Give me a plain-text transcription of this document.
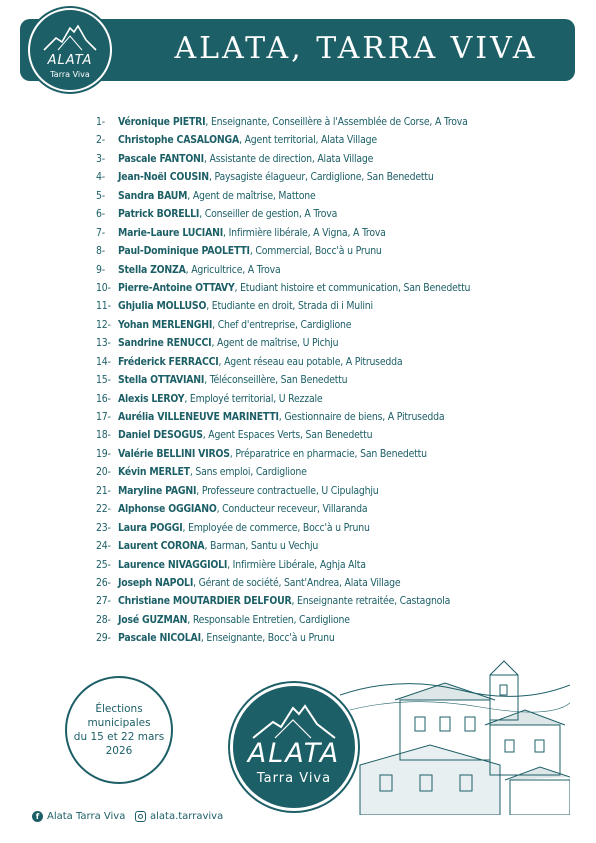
ALATA, TARRA VIVA
ALATA
Tarra Viva
1- Véronique PIETRI, Enseignante, Conseillère à l'Assemblée de Corse, A Trova
2- Christophe CASALONGA, Agent territorial, Alata Village
3- Pascale FANTONI, Assistante de direction, Alata Village
4- Jean-Noël COUSIN, Paysagiste élagueur, Cardiglione, San Benedettu
5- Sandra BAUM, Agent de maîtrise, Mattone
6- Patrick BORELLI, Conseiller de gestion, A Trova
7- Marie-Laure LUCIANI, Infirmière libérale, A Vigna, A Trova
8- Paul-Dominique PAOLETTI, Commercial, Bocc'à u Prunu
9- Stella ZONZA, Agricultrice, A Trova
10- Pierre-Antoine OTTAVY, Etudiant histoire et communication, San Benedettu
11- Ghjulia MOLLUSO, Etudiante en droit, Strada di i Mulini
12- Yohan MERLENGHI, Chef d'entreprise, Cardiglione
13- Sandrine RENUCCI, Agent de maîtrise, U Pichju
14- Fréderick FERRACCI, Agent réseau eau potable, A Pitrusedda
15- Stella OTTAVIANI, Téléconseillère, San Benedettu
16- Alexis LEROY, Employé territorial, U Rezzale
17- Aurélia VILLENEUVE MARINETTI, Gestionnaire de biens, A Pitrusedda
18- Daniel DESOGUS, Agent Espaces Verts, San Benedettu
19- Valérie BELLINI VIROS, Préparatrice en pharmacie, San Benedettu
20- Kévin MERLET, Sans emploi, Cardiglione
21- Maryline PAGNI, Professeure contractuelle, U Cipulaghju
22- Alphonse OGGIANO, Conducteur receveur, Villaranda
23- Laura POGGI, Employée de commerce, Bocc'à u Prunu
24- Laurent CORONA, Barman, Santu u Vechju
25- Laurence NIVAGGIOLI, Infirmière Libérale, Aghja Alta
26- Joseph NAPOLI, Gérant de société, Sant'Andrea, Alata Village
27- Christiane MOUTARDIER DELFOUR, Enseignante retraitée, Castagnola
28- José GUZMAN, Responsable Entretien, Cardiglione
29- Pascale NICOLAI, Enseignante, Bocc'à u Prunu
Élections
municipales
du 15 et 22 mars
2026	ALATA
Tarra Viva
f Alata Tarra Viva alata.tarraviva
